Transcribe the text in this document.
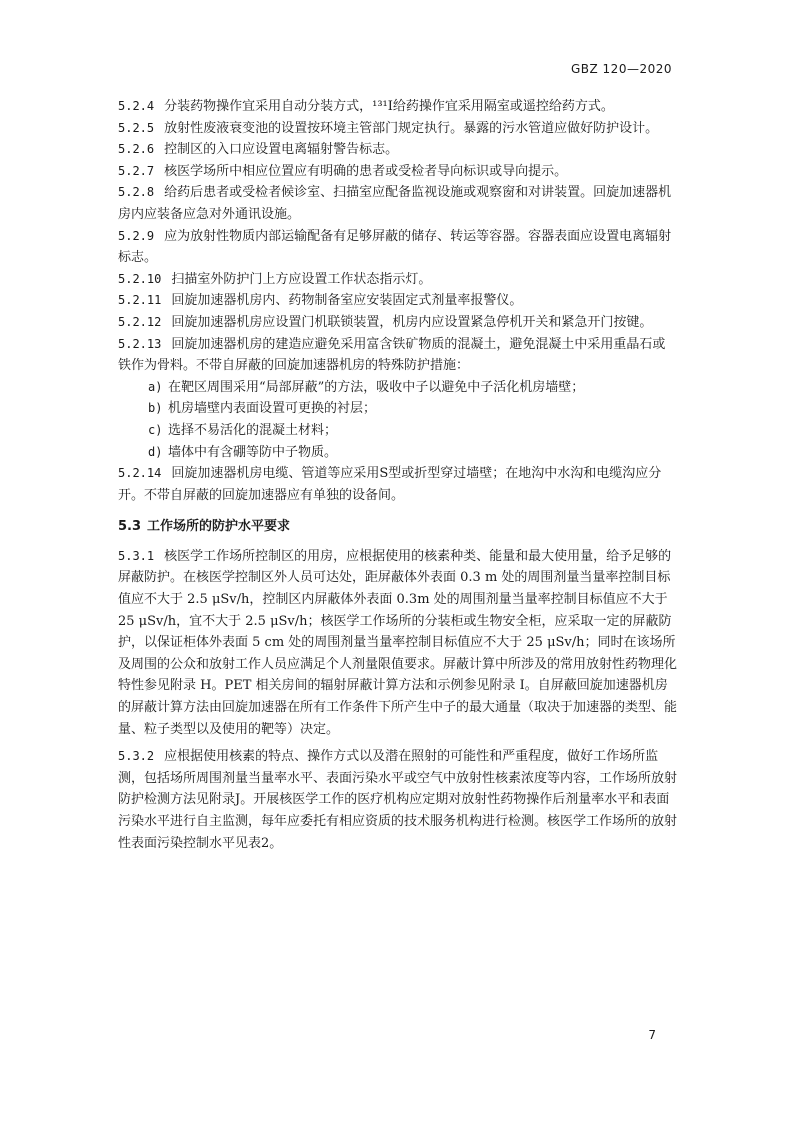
GBZ 120—2020

5.2.4 分装药物操作宜采用自动分装方式，¹³¹I给药操作宜采用隔室或遥控给药方式。

5.2.5 放射性废液衰变池的设置按环境主管部门规定执行。暴露的污水管道应做好防护设计。

5.2.6 控制区的入口应设置电离辐射警告标志。

5.2.7 核医学场所中相应位置应有明确的患者或受检者导向标识或导向提示。

5.2.8 给药后患者或受检者候诊室、扫描室应配备监视设施或观察窗和对讲装置。回旋加速器机房内应装备应急对外通讯设施。

5.2.9 应为放射性物质内部运输配备有足够屏蔽的储存、转运等容器。容器表面应设置电离辐射标志。

5.2.10 扫描室外防护门上方应设置工作状态指示灯。

5.2.11 回旋加速器机房内、药物制备室应安装固定式剂量率报警仪。

5.2.12 回旋加速器机房应设置门机联锁装置，机房内应设置紧急停机开关和紧急开门按键。

5.2.13 回旋加速器机房的建造应避免采用富含铁矿物质的混凝土，避免混凝土中采用重晶石或铁作为骨料。不带自屏蔽的回旋加速器机房的特殊防护措施：

a) 在靶区周围采用“局部屏蔽”的方法，吸收中子以避免中子活化机房墙壁；

b) 机房墙壁内表面设置可更换的衬层；

c) 选择不易活化的混凝土材料；

d) 墙体中有含硼等防中子物质。

5.2.14 回旋加速器机房电缆、管道等应采用S型或折型穿过墙壁；在地沟中水沟和电缆沟应分开。不带自屏蔽的回旋加速器应有单独的设备间。

5.3 工作场所的防护水平要求

5.3.1 核医学工作场所控制区的用房，应根据使用的核素种类、能量和最大使用量，给予足够的屏蔽防护。在核医学控制区外人员可达处，距屏蔽体外表面 0.3 m 处的周围剂量当量率控制目标值应不大于 2.5 μSv/h，控制区内屏蔽体外表面 0.3m 处的周围剂量当量率控制目标值应不大于 25 μSv/h，宜不大于 2.5 μSv/h；核医学工作场所的分装柜或生物安全柜，应采取一定的屏蔽防护，以保证柜体外表面 5 cm 处的周围剂量当量率控制目标值应不大于 25 μSv/h；同时在该场所及周围的公众和放射工作人员应满足个人剂量限值要求。屏蔽计算中所涉及的常用放射性药物理化特性参见附录 H。PET 相关房间的辐射屏蔽计算方法和示例参见附录 I。自屏蔽回旋加速器机房的屏蔽计算方法由回旋加速器在所有工作条件下所产生中子的最大通量（取决于加速器的类型、能量、粒子类型以及使用的靶等）决定。

5.3.2 应根据使用核素的特点、操作方式以及潜在照射的可能性和严重程度，做好工作场所监测，包括场所周围剂量当量率水平、表面污染水平或空气中放射性核素浓度等内容，工作场所放射防护检测方法见附录J。开展核医学工作的医疗机构应定期对放射性药物操作后剂量率水平和表面污染水平进行自主监测，每年应委托有相应资质的技术服务机构进行检测。核医学工作场所的放射性表面污染控制水平见表2。

7
